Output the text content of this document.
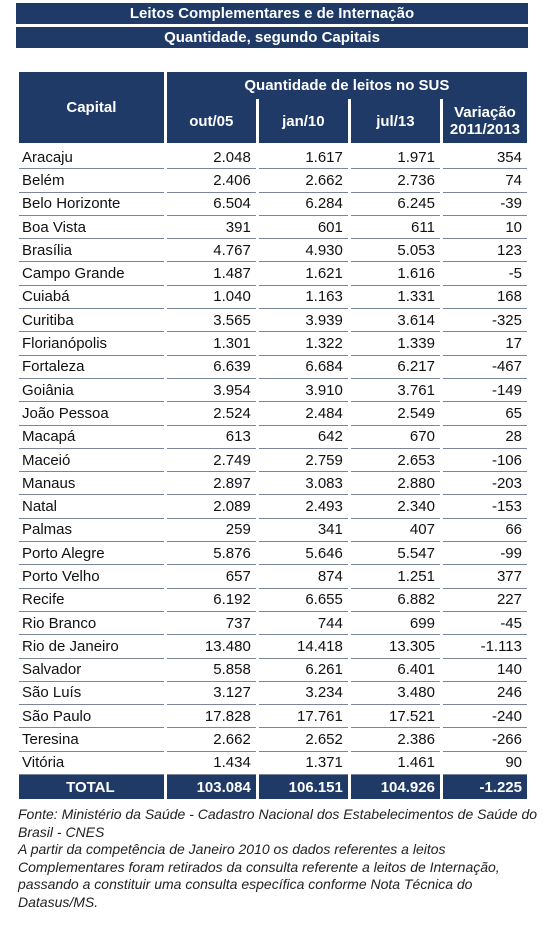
Leitos Complementares e de Internação
Quantidade, segundo Capitais
Capital	Quantidade de leitos no SUS			
	out/05	jan/10	jul/13	Variação 2011/2013

Aracaju	2.048	1.617	1.971	354
Belém	2.406	2.662	2.736	74
Belo Horizonte	6.504	6.284	6.245	-39
Boa Vista	391	601	611	10
Brasília	4.767	4.930	5.053	123
Campo Grande	1.487	1.621	1.616	-5
Cuiabá	1.040	1.163	1.331	168
Curitiba	3.565	3.939	3.614	-325
Florianópolis	1.301	1.322	1.339	17
Fortaleza	6.639	6.684	6.217	-467
Goiânia	3.954	3.910	3.761	-149
João Pessoa	2.524	2.484	2.549	65
Macapá	613	642	670	28
Maceió	2.749	2.759	2.653	-106
Manaus	2.897	3.083	2.880	-203
Natal	2.089	2.493	2.340	-153
Palmas	259	341	407	66
Porto Alegre	5.876	5.646	5.547	-99
Porto Velho	657	874	1.251	377
Recife	6.192	6.655	6.882	227
Rio Branco	737	744	699	-45
Rio de Janeiro	13.480	14.418	13.305	-1.113
Salvador	5.858	6.261	6.401	140
São Luís	3.127	3.234	3.480	246
São Paulo	17.828	17.761	17.521	-240
Teresina	2.662	2.652	2.386	-266
Vitória	1.434	1.371	1.461	90
TOTAL	103.084	106.151	104.926	-1.225

Fonte: Ministério da Saúde - Cadastro Nacional dos Estabelecimentos de Saúde do Brasil - CNES

A partir da competência de Janeiro 2010 os dados referentes a leitos Complementares foram retirados da consulta referente a leitos de Internação, passando a constituir uma consulta específica conforme Nota Técnica do Datasus/MS.
